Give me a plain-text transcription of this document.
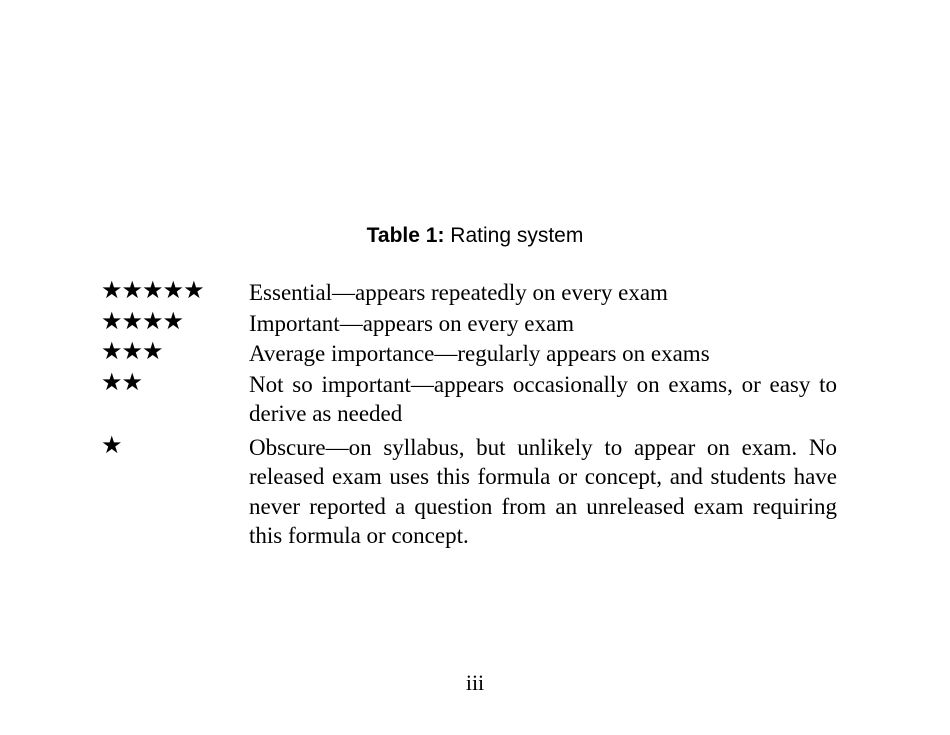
Table 1: Rating system
★★★★★	Essential—appears repeatedly on every exam
★★★★	Important—appears on every exam
★★★	Average importance—regularly appears on exams
★★	Not so important—appears occasionally on exams, or easy to derive as needed
★	Obscure—on syllabus, but unlikely to appear on exam. No released exam uses this formula or concept, and students have never reported a question from an unreleased exam requiring this formula or concept.
iii
